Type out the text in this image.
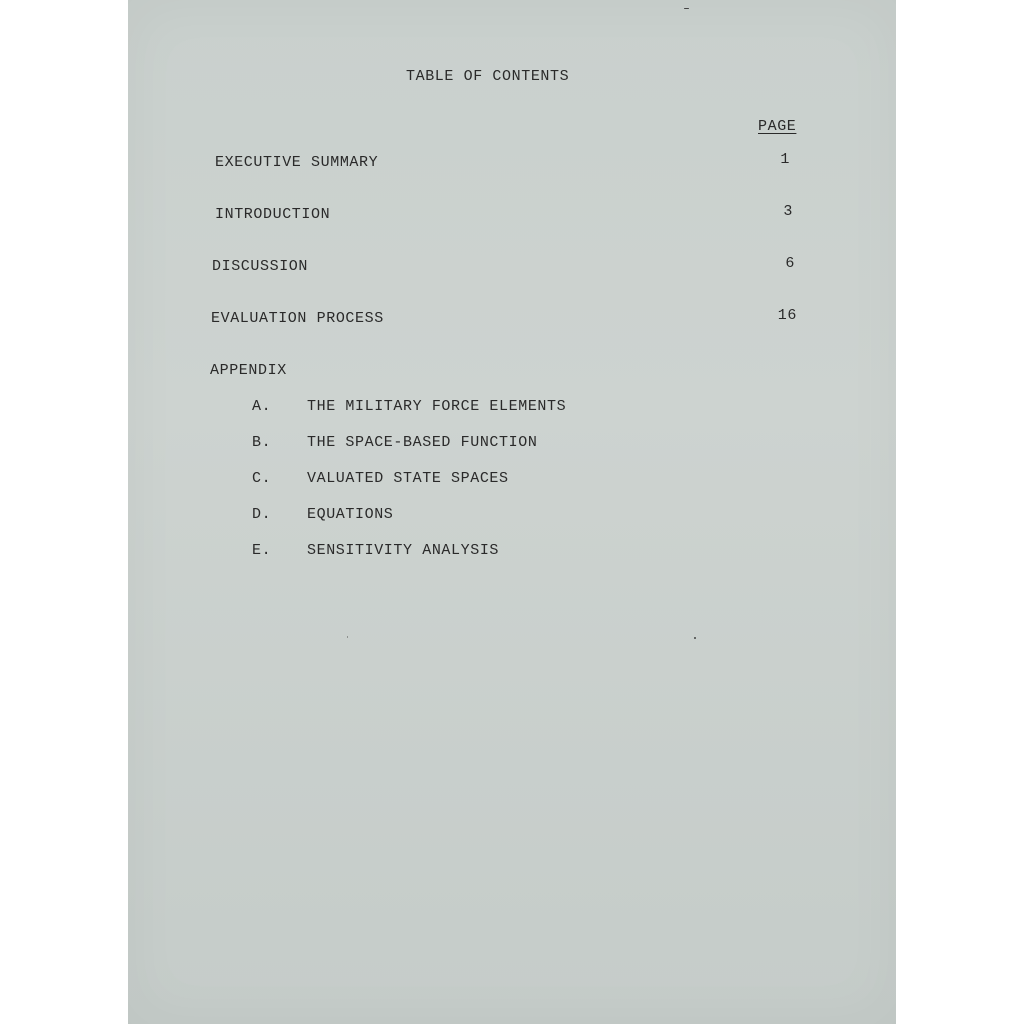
TABLE OF CONTENTS
PAGE
EXECUTIVE SUMMARY	1
INTRODUCTION	3
DISCUSSION	6
EVALUATION PROCESS	16
APPENDIX
A. THE MILITARY FORCE ELEMENTS
B. THE SPACE-BASED FUNCTION
C. VALUATED STATE SPACES
D. EQUATIONS
E. SENSITIVITY ANALYSIS
